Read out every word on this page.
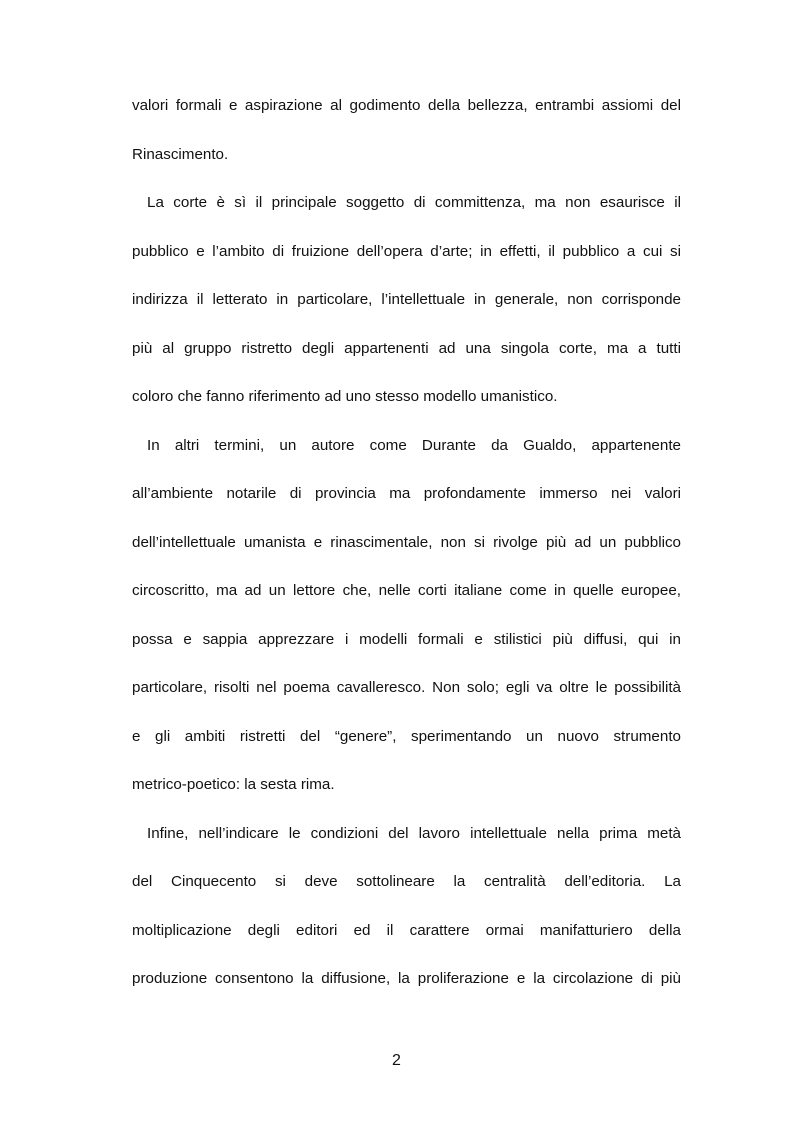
valori formali e aspirazione al godimento della bellezza, entrambi assiomi del
Rinascimento.
La corte è sì il principale soggetto di committenza, ma non esaurisce il
pubblico e l’ambito di fruizione dell’opera d’arte; in effetti, il pubblico a cui si
indirizza il letterato in particolare, l’intellettuale in generale, non corrisponde
più al gruppo ristretto degli appartenenti ad una singola corte, ma a tutti
coloro che fanno riferimento ad uno stesso modello umanistico.
In altri termini, un autore come Durante da Gualdo, appartenente
all’ambiente notarile di provincia ma profondamente immerso nei valori
dell’intellettuale umanista e rinascimentale, non si rivolge più ad un pubblico
circoscritto, ma ad un lettore che, nelle corti italiane come in quelle europee,
possa e sappia apprezzare i modelli formali e stilistici più diffusi, qui in
particolare, risolti nel poema cavalleresco. Non solo; egli va oltre le possibilità
e gli ambiti ristretti del “genere”, sperimentando un nuovo strumento
metrico-poetico: la sesta rima.
Infine, nell’indicare le condizioni del lavoro intellettuale nella prima metà
del Cinquecento si deve sottolineare la centralità dell’editoria. La
moltiplicazione degli editori ed il carattere ormai manifatturiero della
produzione consentono la diffusione, la proliferazione e la circolazione di più
2
